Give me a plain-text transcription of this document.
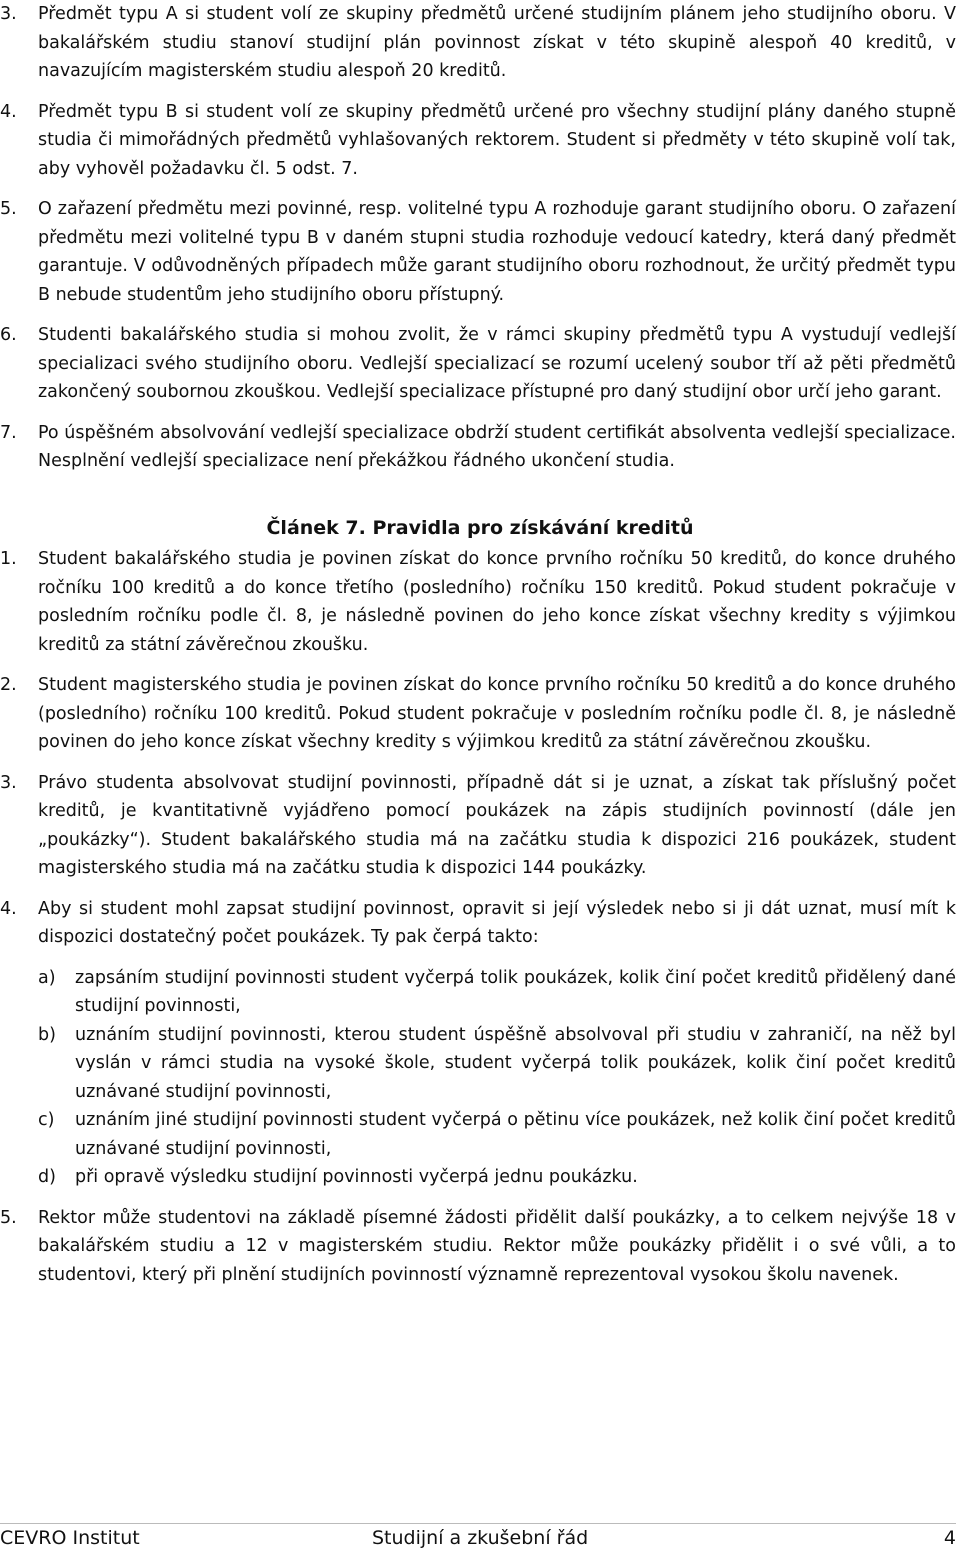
3. Předmět typu A si student volí ze skupiny předmětů určené studijním plánem jeho studijního oboru. V bakalářském studiu stanoví studijní plán povinnost získat v této skupině alespoň 40 kreditů, v navazujícím magisterském studiu alespoň 20 kreditů.
4. Předmět typu B si student volí ze skupiny předmětů určené pro všechny studijní plány daného stupně studia či mimořádných předmětů vyhlašovaných rektorem. Student si předměty v této skupině volí tak, aby vyhověl požadavku čl. 5 odst. 7.
5. O zařazení předmětu mezi povinné, resp. volitelné typu A rozhoduje garant studijního oboru. O zařazení předmětu mezi volitelné typu B v daném stupni studia rozhoduje vedoucí katedry, která daný předmět garantuje. V odůvodněných případech může garant studijního oboru rozhodnout, že určitý předmět typu B nebude studentům jeho studijního oboru přístupný.
6. Studenti bakalářského studia si mohou zvolit, že v rámci skupiny předmětů typu A vystudují vedlejší specializaci svého studijního oboru. Vedlejší specializací se rozumí ucelený soubor tří až pěti předmětů zakončený soubornou zkouškou. Vedlejší specializace přístupné pro daný studijní obor určí jeho garant.
7. Po úspěšném absolvování vedlejší specializace obdrží student certifikát absolventa vedlejší specializace. Nesplnění vedlejší specializace není překážkou řádného ukončení studia.
Článek 7. Pravidla pro získávání kreditů
1. Student bakalářského studia je povinen získat do konce prvního ročníku 50 kreditů, do konce druhého ročníku 100 kreditů a do konce třetího (posledního) ročníku 150 kreditů. Pokud student pokračuje v posledním ročníku podle čl. 8, je následně povinen do jeho konce získat všechny kredity s výjimkou kreditů za státní závěrečnou zkoušku.
2. Student magisterského studia je povinen získat do konce prvního ročníku 50 kreditů a do konce druhého (posledního) ročníku 100 kreditů. Pokud student pokračuje v posledním ročníku podle čl. 8, je následně povinen do jeho konce získat všechny kredity s výjimkou kreditů za státní závěrečnou zkoušku.
3. Právo studenta absolvovat studijní povinnosti, případně dát si je uznat, a získat tak příslušný počet kreditů, je kvantitativně vyjádřeno pomocí poukázek na zápis studijních povinností (dále jen „poukázky“). Student bakalářského studia má na začátku studia k dispozici 216 poukázek, student magisterského studia má na začátku studia k dispozici 144 poukázky.
4. Aby si student mohl zapsat studijní povinnost, opravit si její výsledek nebo si ji dát uznat, musí mít k dispozici dostatečný počet poukázek. Ty pak čerpá takto:
a) zapsáním studijní povinnosti student vyčerpá tolik poukázek, kolik činí počet kreditů přidělený dané studijní povinnosti,
b) uznáním studijní povinnosti, kterou student úspěšně absolvoval při studiu v zahraničí, na něž byl vyslán v rámci studia na vysoké škole, student vyčerpá tolik poukázek, kolik činí počet kreditů uznávané studijní povinnosti,
c) uznáním jiné studijní povinnosti student vyčerpá o pětinu více poukázek, než kolik činí počet kreditů uznávané studijní povinnosti,
d) při opravě výsledku studijní povinnosti vyčerpá jednu poukázku.
5. Rektor může studentovi na základě písemné žádosti přidělit další poukázky, a to celkem nejvýše 18 v bakalářském studiu a 12 v magisterském studiu. Rektor může poukázky přidělit i o své vůli, a to studentovi, který při plnění studijních povinností významně reprezentoval vysokou školu navenek.
CEVRO Institut	Studijní a zkušební řád	4
